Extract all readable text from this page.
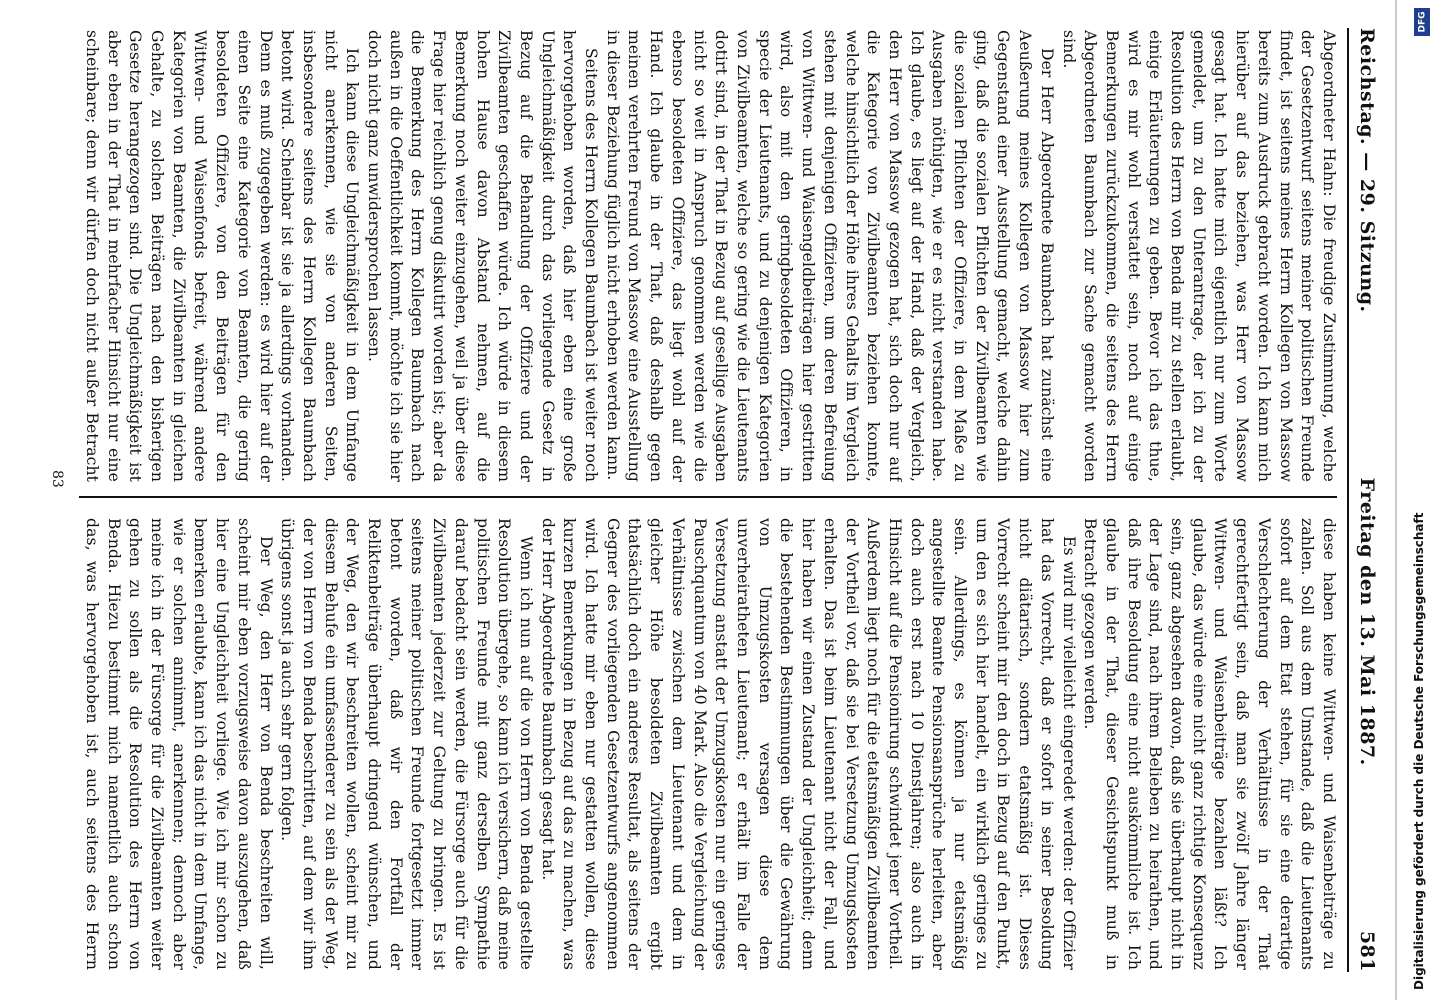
Reichstag. — 29. Sitzung.
Freitag den 13. Mai 1887.
581

Abgeordneter Hahn: Die freudige Zustimmung, welche der Gesetzentwurf seitens meiner politischen Freunde findet, ist seitens meines Herrn Kollegen von Massow bereits zum Ausdruck gebracht worden. Ich kann mich hierüber auf das beziehen, was Herr von Massow gesagt hat. Ich hatte mich eigentlich nur zum Worte gemeldet, um zu den Unterantrage, der ich zu der Resolution des Herrn von Benda mir zu stellen erlaubt, einige Erläuterungen zu geben. Bevor ich das thue, wird es mir wohl verstattet sein, noch auf einige Bemerkungen zurückzukommen, die seitens des Herrn Abgeordneten Baumbach zur Sache gemacht worden sind.

Der Herr Abgeordnete Baumbach hat zunächst eine Aeußerung meines Kollegen von Massow hier zum Gegenstand einer Ausstellung gemacht, welche dahin ging, daß die sozialen Pflichten der Zivilbeamten wie die sozialen Pflichten der Offiziere, in dem Maße zu Ausgaben nöthigten, wie er es nicht verstanden habe. Ich glaube, es liegt auf der Hand, daß der Vergleich, den Herr von Massow gezogen hat, sich doch nur auf die Kategorie von Zivilbeamten beziehen konnte, welche hinsichtlich der Höhe ihres Gehalts im Vergleich stehen mit denjenigen Offizieren, um deren Befreiung von Wittwen- und Waisengeldbeiträgen hier gestritten wird, also mit den geringbesoldeten Offizieren, in specie der Lieutenants, und zu denjenigen Kategorien von Zivilbeamten, welche so gering wie die Lieutenants dotirt sind, in der That in Bezug auf gesellige Ausgaben nicht so weit in Anspruch genommen werden wie die ebenso besoldeten Offiziere, das liegt wohl auf der Hand. Ich glaube in der That, daß deshalb gegen meinen verehrten Freund von Massow eine Ausstellung in dieser Beziehung füglich nicht erhoben werden kann.

Seitens des Herrn Kollegen Baumbach ist weiter noch hervorgehoben worden, daß hier eben eine große Ungleichmäßigkeit durch das vorliegende Gesetz in Bezug auf die Behandlung der Offiziere und der Zivilbeamten geschaffen würde. Ich würde in diesem hohen Hause davon Abstand nehmen, auf die Bemerkung noch weiter einzugehen, weil ja über diese Frage hier reichlich genug diskutirt worden ist; aber da die Bemerkung des Herrn Kollegen Baumbach nach außen in die Oeffentlichkeit kommt, möchte ich sie hier doch nicht ganz unwidersprochen lassen.

Ich kann diese Ungleichmäßigkeit in dem Umfange nicht anerkennen, wie sie von anderen Seiten, insbesondere seitens des Herrn Kollegen Baumbach betont wird. Scheinbar ist sie ja allerdings vorhanden. Denn es muß zugegeben werden: es wird hier auf der einen Seite eine Kategorie von Beamten, die gering besoldeten Offiziere, von den Beiträgen für den Wittwen- und Waisenfonds befreit, während andere Kategorien von Beamten, die Zivilbeamten in gleichen Gehalte, zu solchen Beiträgen nach den bisherigen Gesetze herangezogen sind. Die Ungleichmäßigkeit ist aber eben in der That in mehrfacher Hinsicht nur eine scheinbare; denn wir dürfen doch nicht außer Betracht

diese haben keine Wittwen- und Waisenbeiträge zu zahlen. Soll aus dem Umstande, daß die Lieutenants sofort auf dem Etat stehen, für sie eine derartige Verschlechterung der Verhältnisse in der That gerechtfertigt sein, daß man sie zwölf Jahre länger Wittwen- und Waisenbeiträge bezahlen läßt? Ich glaube, das würde eine nicht ganz richtige Konsequenz sein, ganz abgesehen davon, daß sie überhaupt nicht in der Lage sind, nach ihrem Belieben zu heirathen, und daß ihre Besoldung eine nicht auskömmliche ist. Ich glaube in der That, dieser Gesichtspunkt muß in Betracht gezogen werden.

Es wird mir vielleicht eingeredet werden: der Offizier hat das Vorrecht, daß er sofort in seiner Besoldung nicht diätarisch, sondern etatsmäßig ist. Dieses Vorrecht scheint mir den doch in Bezug auf den Punkt, um den es sich hier handelt, ein wirklich geringes zu sein. Allerdings, es können ja nur etatsmäßig angestellte Beamte Pensionsansprüche herleiten, aber doch auch erst nach 10 Dienstjahren; also auch in Hinsicht auf die Pensionirung schwindet jener Vortheil. Außerdem liegt noch für die etatsmäßigen Zivilbeamten der Vortheil vor, daß sie bei Versetzung Umzugskosten erhalten. Das ist beim Lieutenant nicht der Fall, und hier haben wir einen Zustand der Ungleichheit; denn die bestehenden Bestimmungen über die Gewährung von Umzugskosten versagen diese dem unverheiratheten Lieutenant; er erhält im Falle der Versetzung anstatt der Umzugskosten nur ein geringes Pauschquantum von 40 Mark. Also die Vergleichung der Verhältnisse zwischen dem Lieutenant und dem in gleicher Höhe besoldeten Zivilbeamten ergibt thatsächlich doch ein anderes Resultat, als seitens der Gegner des vorliegenden Gesetzentwurfs angenommen wird. Ich hatte mir eben nur gestatten wollen, diese kurzen Bemerkungen in Bezug auf das zu machen, was der Herr Abgeordnete Baumbach gesagt hat.

Wenn ich nun auf die von Herrn von Benda gestellte Resolution übergehe, so kann ich versichern, daß meine politischen Freunde mit ganz derselben Sympathie darauf bedacht sein werden, die Fürsorge auch für die Zivilbeamten jederzeit zur Geltung zu bringen. Es ist seitens meiner politischen Freunde fortgesetzt immer betont worden, daß wir den Fortfall der Reliktenbeiträge überhaupt dringend wünschen, und der Weg, den wir beschreiten wollen, scheint mir zu diesem Behufe ein umfassenderer zu sein als der Weg, der von Herrn von Benda beschritten, auf dem wir ihm übrigens sonst ja auch sehr gern folgen.

Der Weg, den Herr von Benda beschreiten will, scheint mir eben vorzugsweise davon auszugehen, daß hier eine Ungleichheit vorliege. Wie ich mir schon zu bemerken erlaubte, kann ich das nicht in dem Umfange, wie er solchen annimmt, anerkennen; dennoch aber meine ich in der Fürsorge für die Zivilbeamten weiter gehen zu sollen als die Resolution des Herrn von Benda. Hiezu bestimmt mich namentlich auch schon das, was hervorgehoben ist, auch seitens des Herrn

83
DFG
Digitalisierung gefördert durch die Deutsche Forschungsgemeinschaft
